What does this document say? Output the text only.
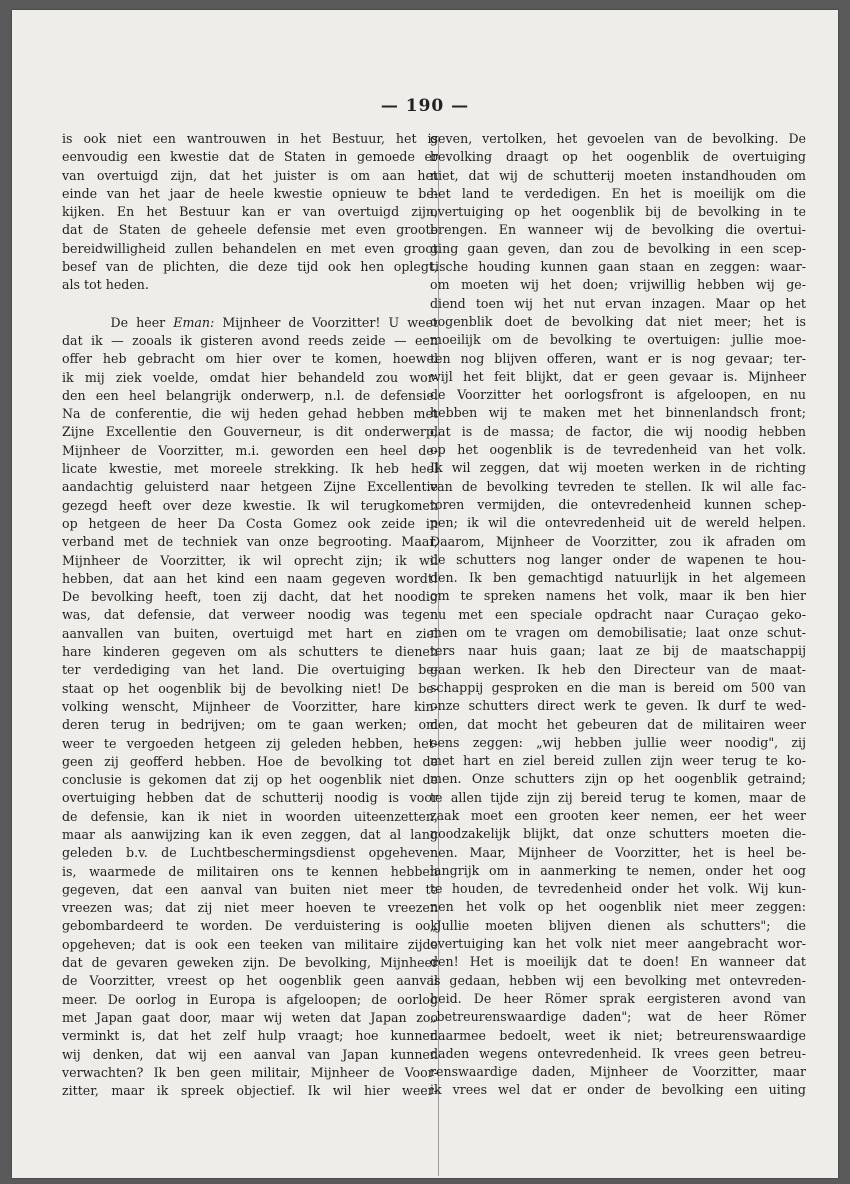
— 190 —

is ook niet een wantrouwen in het Bestuur, het is
eenvoudig een kwestie dat de Staten in gemoede er
van overtuigd zijn, dat het juister is om aan het
einde van het jaar de heele kwestie opnieuw te be-
kijken. En het Bestuur kan er van overtuigd zijn,
dat de Staten de geheele defensie met even groote
bereidwilligheid zullen behandelen en met even groot
besef van de plichten, die deze tijd ook hen oplegt,
als tot heden.

De heer Eman: Mijnheer de Voorzitter! U weet
dat ik — zooals ik gisteren avond reeds zeide — een
offer heb gebracht om hier over te komen, hoewel
ik mij ziek voelde, omdat hier behandeld zou wor-
den een heel belangrijk onderwerp, n.l. de defensie.
Na de conferentie, die wij heden gehad hebben met
Zijne Excellentie den Gouverneur, is dit onderwerp,
Mijnheer de Voorzitter, m.i. geworden een heel de-
licate kwestie, met moreele strekking. Ik heb heel
aandachtig geluisterd naar hetgeen Zijne Excellentie
gezegd heeft over deze kwestie. Ik wil terugkomen
op hetgeen de heer Da Costa Gomez ook zeide in
verband met de techniek van onze begrooting. Maar,
Mijnheer de Voorzitter, ik wil oprecht zijn; ik wil
hebben, dat aan het kind een naam gegeven wordt!
De bevolking heeft, toen zij dacht, dat het noodig
was, dat defensie, dat verweer noodig was tegen
aanvallen van buiten, overtuigd met hart en ziel
hare kinderen gegeven om als schutters te dienen
ter verdediging van het land. Die overtuiging be-
staat op het oogenblik bij de bevolking niet! De be-
volking wenscht, Mijnheer de Voorzitter, hare kin-
deren terug in bedrijven; om te gaan werken; om
weer te vergoeden hetgeen zij geleden hebben, het-
geen zij geofferd hebben. Hoe de bevolking tot de
conclusie is gekomen dat zij op het oogenblik niet de
overtuiging hebben dat de schutterij noodig is voor
de defensie, kan ik niet in woorden uiteenzetten,
maar als aanwijzing kan ik even zeggen, dat al lang
geleden b.v. de Luchtbeschermingsdienst opgeheven
is, waarmede de militairen ons te kennen hebben
gegeven, dat een aanval van buiten niet meer te
vreezen was; dat zij niet meer hoeven te vreezen
gebombardeerd te worden. De verduistering is ook
opgeheven; dat is ook een teeken van militaire zijde
dat de gevaren geweken zijn. De bevolking, Mijnheer
de Voorzitter, vreest op het oogenblik geen aanval
meer. De oorlog in Europa is afgeloopen; de oorlog
met Japan gaat door, maar wij weten dat Japan zoo
verminkt is, dat het zelf hulp vraagt; hoe kunnen
wij denken, dat wij een aanval van Japan kunnen
verwachten? Ik ben geen militair, Mijnheer de Voor-
zitter, maar ik spreek objectief. Ik wil hier weer-

geven, vertolken, het gevoelen van de bevolking. De
bevolking draagt op het oogenblik de overtuiging
niet, dat wij de schutterij moeten instandhouden om
het land te verdedigen. En het is moeilijk om die
overtuiging op het oogenblik bij de bevolking in te
brengen. En wanneer wij de bevolking die overtui-
ging gaan geven, dan zou de bevolking in een scep-
tische houding kunnen gaan staan en zeggen: waar-
om moeten wij het doen; vrijwillig hebben wij ge-
diend toen wij het nut ervan inzagen. Maar op het
oogenblik doet de bevolking dat niet meer; het is
moeilijk om de bevolking te overtuigen: jullie moe-
ten nog blijven offeren, want er is nog gevaar; ter-
wijl het feit blijkt, dat er geen gevaar is. Mijnheer
de Voorzitter het oorlogsfront is afgeloopen, en nu
hebben wij te maken met het binnenlandsch front;
dat is de massa; de factor, die wij noodig hebben
op het oogenblik is de tevredenheid van het volk.
Ik wil zeggen, dat wij moeten werken in de richting
van de bevolking tevreden te stellen. Ik wil alle fac-
toren vermijden, die ontevredenheid kunnen schep-
pen; ik wil die ontevredenheid uit de wereld helpen.
Daarom, Mijnheer de Voorzitter, zou ik afraden om
de schutters nog langer onder de wapenen te hou-
den. Ik ben gemachtigd natuurlijk in het algemeen
om te spreken namens het volk, maar ik ben hier
nu met een speciale opdracht naar Curaçao geko-
men om te vragen om demobilisatie; laat onze schut-
ters naar huis gaan; laat ze bij de maatschappij
gaan werken. Ik heb den Directeur van de maat-
schappij gesproken en die man is bereid om 500 van
onze schutters direct werk te geven. Ik durf te wed-
den, dat mocht het gebeuren dat de militairen weer
eens zeggen: „wij hebben jullie weer noodig", zij
met hart en ziel bereid zullen zijn weer terug te ko-
men. Onze schutters zijn op het oogenblik getraind;
te allen tijde zijn zij bereid terug te komen, maar de
zaak moet een grooten keer nemen, eer het weer
noodzakelijk blijkt, dat onze schutters moeten die-
nen. Maar, Mijnheer de Voorzitter, het is heel be-
langrijk om in aanmerking te nemen, onder het oog
te houden, de tevredenheid onder het volk. Wij kun-
nen het volk op het oogenblik niet meer zeggen:
„Jullie moeten blijven dienen als schutters"; die
overtuiging kan het volk niet meer aangebracht wor-
den! Het is moeilijk dat te doen! En wanneer dat
is gedaan, hebben wij een bevolking met ontevreden-
heid. De heer Römer sprak eergisteren avond van
„betreurenswaardige daden"; wat de heer Römer
daarmee bedoelt, weet ik niet; betreurenswaardige
daden wegens ontevredenheid. Ik vrees geen betreu-
renswaardige daden, Mijnheer de Voorzitter, maar
ik vrees wel dat er onder de bevolking een uiting
